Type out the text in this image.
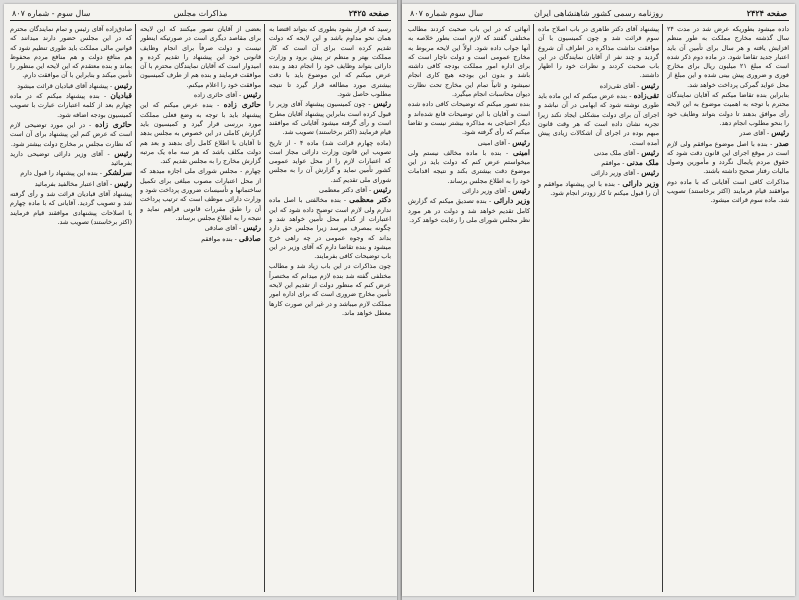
صفحه ۲۴۲۵
مذاکرات مجلس
سال سوم - شماره ۸۰۷

رسید که قرار بشود بطوری که بتواند اقتضا به همان نحو مداوم باشد و این لایحه که دولت تقدیم کرده است برای آن است که کار مملکت بهتر و منظم تر پیش برود و وزارت دارائی بتواند وظایف خود را انجام دهد و بنده عرض میکنم که این موضوع باید با دقت بیشتری مورد مطالعه قرار گیرد تا نتیجه مطلوب حاصل شود.

رئیس - چون کمیسیون پیشنهاد آقای وزیر را قبول کرده است بنابراین پیشنهاد آقایان مطرح است و رأی گرفته میشود آقایانی که موافقند قیام فرمایند (اکثر برخاستند) تصویب شد.

(ماده چهارم قرائت شد) ماده ۴ - از تاریخ تصویب این قانون وزارت دارائی مجاز است که اعتبارات لازم را از محل عواید عمومی کشور تأمین نماید و گزارش آن را به مجلس شورای ملی تقدیم کند.

رئیس - آقای دکتر معظمی

دکتر معظمی - بنده مخالفتی با اصل ماده ندارم ولی لازم است توضیح داده شود که این اعتبارات از کدام محل تأمین خواهد شد و چگونه بمصرف میرسد زیرا مجلس حق دارد بداند که وجوه عمومی در چه راهی خرج میشود و بنده تقاضا دارم که آقای وزیر در این باب توضیحات کافی بفرمایند.

چون مذاکرات در این باب زیاد شد و مطالب مختلفی گفته شد بنده لازم میدانم که مختصراً عرض کنم که منظور دولت از تقدیم این لایحه تأمین مخارج ضروری است که برای اداره امور مملکت لازم میباشد و در غیر این صورت کارها معطل خواهد ماند.

بعضی از آقایان تصور میکنند که این لایحه برای مقاصد دیگری است در صورتیکه اینطور نیست و دولت صرفاً برای انجام وظایف قانونی خود این پیشنهاد را تقدیم کرده و امیدوار است که آقایان نمایندگان محترم با آن موافقت فرمایند و بنده هم از طرف کمیسیون موافقت خود را اعلام میکنم.

رئیس - آقای حائری زاده

حائری زاده - بنده عرض میکنم که این پیشنهاد باید با توجه به وضع فعلی مملکت مورد بررسی قرار گیرد و کمیسیون باید گزارش کاملی در این خصوص به مجلس بدهد تا آقایان با اطلاع کامل رأی بدهند و بعد هم دولت مکلف باشد که هر سه ماه یک مرتبه گزارش مخارج را به مجلس تقدیم کند.

چهارم - مجلس شورای ملی اجازه میدهد که از محل اعتبارات مصوب مبلغی برای تکمیل ساختمانها و تأسیسات ضروری پرداخت شود و وزارت دارائی موظف است که ترتیب پرداخت آن را طبق مقررات قانونی فراهم نماید و نتیجه را به اطلاع مجلس برساند.

رئیس - آقای صادقی

صادقی - بنده موافقم

صادق‌زاده آقای رئیس و تمام نمایندگان محترم که در این مجلس حضور دارند میدانند که قوانین مالی مملکت باید طوری تنظیم شود که هم منافع دولت و هم منافع مردم محفوظ بماند و بنده معتقدم که این لایحه این منظور را تأمین میکند و بنابراین با آن موافقت دارم.

رئیس - پیشنهاد آقای قبادیان قرائت میشود

قبادیان - بنده پیشنهاد میکنم که در ماده چهارم بعد از کلمه اعتبارات عبارت با تصویب کمیسیون بودجه اضافه شود.

حائری زاده - در این مورد توضیحی لازم است که عرض کنم این پیشنهاد برای آن است که نظارت مجلس بر مخارج دولت بیشتر شود.

رئیس - آقای وزیر دارائی توضیحی دارید بفرمائید

سرلشکر - بنده این پیشنهاد را قبول دارم

رئیس - آقای اعتبار مخالفید بفرمائید

پیشنهاد آقای قبادیان قرائت شد و رأی گرفته شد و تصویب گردید. آقایانی که با ماده چهارم با اصلاحات پیشنهادی موافقند قیام فرمایند (اکثر برخاستند) تصویب شد.

صفحه ۲۴۲۴
روزنامه رسمی کشور شاهنشاهی ایران
سال سوم شماره ۸۰۷

داده میشود بطوریکه عرض شد در مدت ۲۴ سال گذشته مخارج مملکت به طور منظم افزایش یافته و هر سال برای تأمین آن باید اعتبار جدید تقاضا شود. در ماده دوم ذکر شده است که مبلغ ۲۱ میلیون ریال برای مخارج فوری و ضروری پیش بینی شده و این مبلغ از محل عواید گمرکی پرداخت خواهد شد.

بنابراین بنده تقاضا میکنم که آقایان نمایندگان محترم با توجه به اهمیت موضوع به این لایحه رأی موافق بدهند تا دولت بتواند وظایف خود را بنحو مطلوب انجام دهد.

رئیس - آقای صدر

صدر - بنده با اصل موضوع موافقم ولی لازم است در موقع اجرای این قانون دقت شود که حقوق مردم پایمال نگردد و مأمورین وصول مالیات رفتار صحیح داشته باشند.

مذاکرات کافی است آقایانی که با ماده دوم موافقند قیام فرمایند (اکثر برخاستند) تصویب شد. ماده سوم قرائت میشود.

پیشنهاد آقای دکتر طاهری در باب اصلاح ماده سوم قرائت شد و چون کمیسیون با آن موافقت نداشت مذاکره در اطراف آن شروع گردید و چند نفر از آقایان نمایندگان در این باب صحبت کردند و نظرات خود را اظهار داشتند.

رئیس - آقای تقی‌زاده

تقی‌زاده - بنده عرض میکنم که این ماده باید طوری نوشته شود که ابهامی در آن نباشد و اجرای آن برای دولت مشکلی ایجاد نکند زیرا تجربه نشان داده است که هر وقت قانون مبهم بوده در اجرای آن اشکالات زیادی پیش آمده است.

رئیس - آقای ملک مدنی

ملک مدنی - موافقم

رئیس - آقای وزیر دارائی

وزیر دارائی - بنده با این پیشنهاد موافقم و آن را قبول میکنم تا کار زودتر انجام شود.

آنهائی که در این باب صحبت کردند مطالب مختلفی گفتند که لازم است بطور خلاصه به آنها جواب داده شود. اولاً این لایحه مربوط به مخارج عمومی است و دولت ناچار است که برای اداره امور مملکت بودجه کافی داشته باشد و بدون این بودجه هیچ کاری انجام نمیشود و ثانیاً تمام این مخارج تحت نظارت دیوان محاسبات انجام میگیرد.

بنده تصور میکنم که توضیحات کافی داده شده است و آقایان با این توضیحات قانع شده‌اند و دیگر احتیاجی به مذاکره بیشتر نیست و تقاضا میکنم که رأی گرفته شود.

رئیس - آقای امینی

امینی - بنده با ماده مخالف نیستم ولی میخواستم عرض کنم که دولت باید در این موضوع دقت بیشتری بکند و نتیجه اقدامات خود را به اطلاع مجلس برساند.

رئیس - آقای وزیر دارائی

وزیر دارائی - بنده تصدیق میکنم که گزارش کامل تقدیم خواهد شد و دولت در هر مورد نظر مجلس شورای ملی را رعایت خواهد کرد.
